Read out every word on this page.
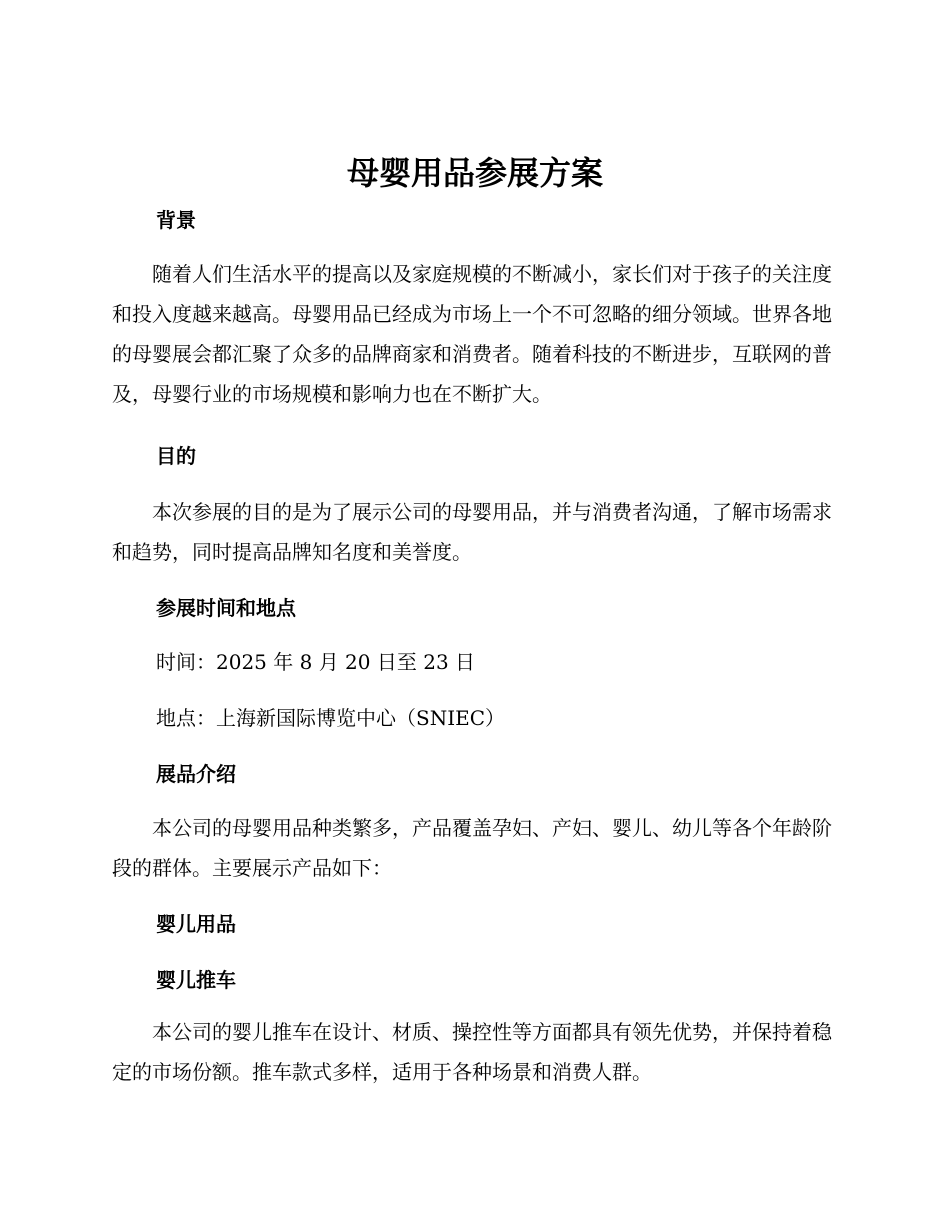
母婴用品参展方案
背景

随着人们生活水平的提高以及家庭规模的不断减小，家长们对于孩子的关注度和投入度越来越高。母婴用品已经成为市场上一个不可忽略的细分领域。世界各地的母婴展会都汇聚了众多的品牌商家和消费者。随着科技的不断进步，互联网的普及，母婴行业的市场规模和影响力也在不断扩大。

目的

本次参展的目的是为了展示公司的母婴用品，并与消费者沟通，了解市场需求和趋势，同时提高品牌知名度和美誉度。

参展时间和地点

时间：2025 年 8 月 20 日至 23 日

地点：上海新国际博览中心（SNIEC）

展品介绍

本公司的母婴用品种类繁多，产品覆盖孕妇、产妇、婴儿、幼儿等各个年龄阶段的群体。主要展示产品如下：

婴儿用品
婴儿推车

本公司的婴儿推车在设计、材质、操控性等方面都具有领先优势，并保持着稳定的市场份额。推车款式多样，适用于各种场景和消费人群。
